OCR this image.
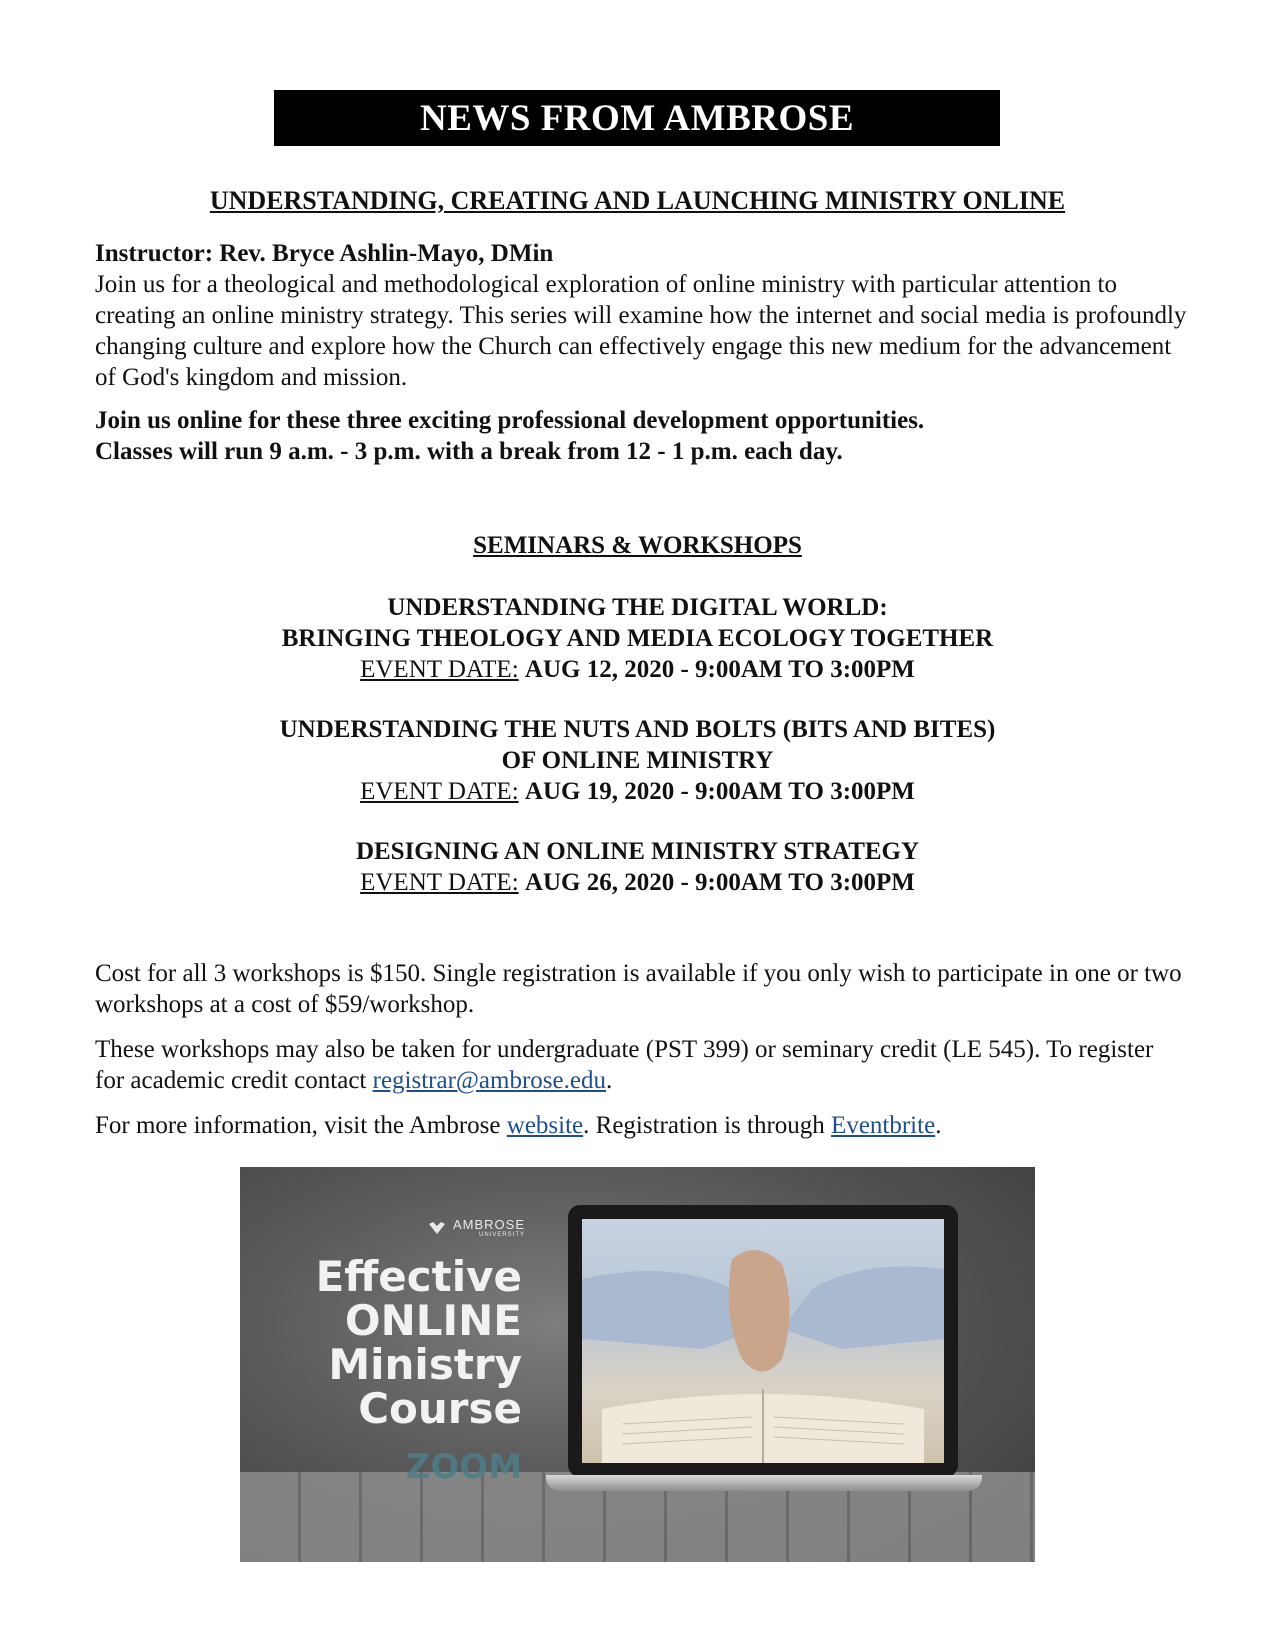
NEWS FROM AMBROSE
UNDERSTANDING, CREATING AND LAUNCHING MINISTRY ONLINE

Instructor: Rev. Bryce Ashlin-Mayo, DMin

Join us for a theological and methodological exploration of online ministry with particular attention to creating an online ministry strategy. This series will examine how the internet and social media is profoundly changing culture and explore how the Church can effectively engage this new medium for the advancement of God's kingdom and mission.

Join us online for these three exciting professional development opportunities.
Classes will run 9 a.m. - 3 p.m. with a break from 12 - 1 p.m. each day.

SEMINARS & WORKSHOPS
UNDERSTANDING THE DIGITAL WORLD:
BRINGING THEOLOGY AND MEDIA ECOLOGY TOGETHER
EVENT DATE: AUG 12, 2020 - 9:00AM TO 3:00PM
UNDERSTANDING THE NUTS AND BOLTS (BITS AND BITES)
OF ONLINE MINISTRY
EVENT DATE: AUG 19, 2020 - 9:00AM TO 3:00PM
DESIGNING AN ONLINE MINISTRY STRATEGY
EVENT DATE: AUG 26, 2020 - 9:00AM TO 3:00PM

Cost for all 3 workshops is $150. Single registration is available if you only wish to participate in one or two workshops at a cost of $59/workshop.

These workshops may also be taken for undergraduate (PST 399) or seminary credit (LE 545). To register for academic credit contact registrar@ambrose.edu.

For more information, visit the Ambrose website. Registration is through Eventbrite.

AMBROSE
UNIVERSITY
Effective
ONLINE
Ministry
Course
ZOOM
